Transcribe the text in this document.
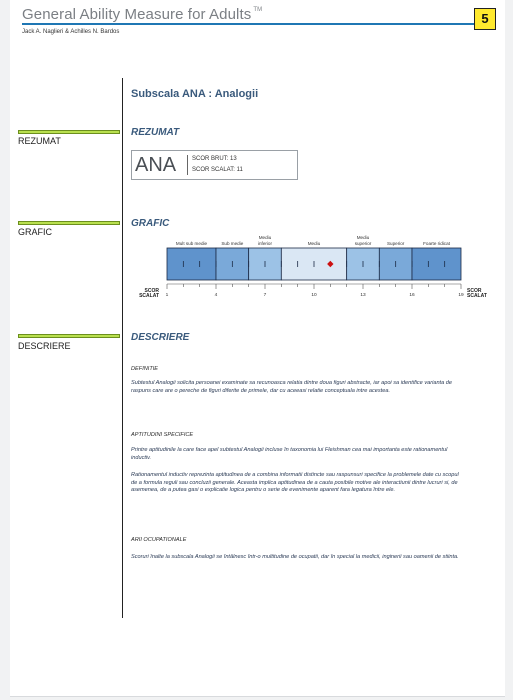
General Ability Measure for Adults ™
5
Jack A. Naglieri & Achilles N. Bardos
REZUMAT
GRAFIC
DESCRIERE
Subscala ANA : Analogii
REZUMAT
ANA	SCOR BRUT: 13
SCOR SCALAT: 11
GRAFIC
Mult sub medie	Sub medie
Mediu
inferior	Mediu
Mediu
superior	Superior	Foarte ridicat
1	4	7	10	13	16	19
SCOR
SCALAT
SCOR
SCALAT
DESCRIERE
DEFINITIE

Subtestul Analogii solicita persoanei examinate sa recunoasca relatia dintre doua figuri abstracte, iar apoi sa identifice varianta de raspuns care are o pereche de figuri diferite de primele, dar cu aceeasi relatie conceptuala intre acestea.

APTITUDINI SPECIFICE

Printre aptitudinile la care face apel subtestul Analogii incluse în taxonomia lui Fleishman cea mai importanta este rationamentul inductiv.

Rationamentul inductiv reprezinta aptitudinea de a combina informatii distincte sau raspunsuri specifice la problemele date cu scopul de a formula reguli sau concluzii generale. Aceasta implica aptitudinea de a cauta posibile motive ale interactiunii dintre lucruri si, de asemenea, de a putea gasi o explicatie logica pentru o serie de evenimente aparent fara legatura între ele.

ARII OCUPATIONALE

Scoruri înalte la subscala Analogii se întâlnesc într-o multitudine de ocupatii, dar în special la medicii, inginerii sau oamenii de stiinta.
